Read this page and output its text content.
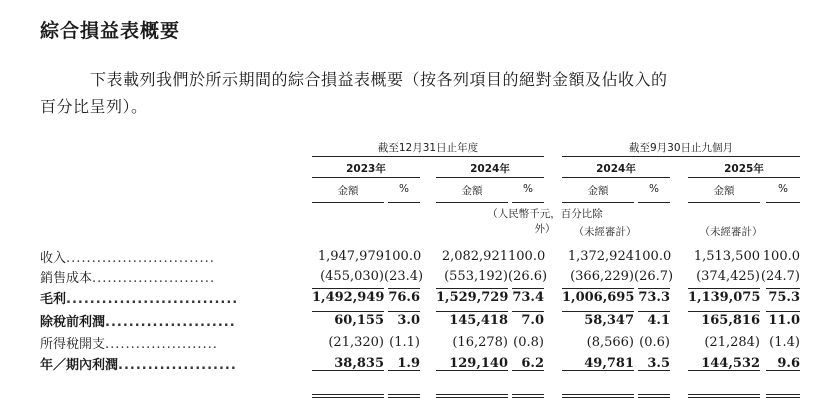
綜合損益表概要
下表載列我們於所示期間的綜合損益表概要（按各列項目的絕對金額及佔收入的
百分比呈列）。
截至12月31日止年度	截至9月30日止九個月
2023年	2024年	2024年	2025年
金額	%	金額	%	金額	%	金額	%
（人民幣千元，百分比除外）	（未經審計）	（未經審計）
收入.............................	1,947,979	100.0		2,082,921	100.0		1,372,924	100.0		1,513,500	100.0
銷售成本........................	(455,030)	(23.4)		(553,192)	(26.6)		(366,229)	(26.7)		(374,425)	(24.7)
毛利.............................	1,492,949	76.6		1,529,729	73.4		1,006,695	73.3		1,139,075	75.3
除稅前利潤......................	60,155	3.0		145,418	7.0		58,347	4.1		165,816	11.0
所得稅開支......................	(21,320)	(1.1)		(16,278)	(0.8)		(8,566)	(0.6)		(21,284)	(1.4)
年／期內利潤....................	38,835	1.9		129,140	6.2		49,781	3.5		144,532	9.6
